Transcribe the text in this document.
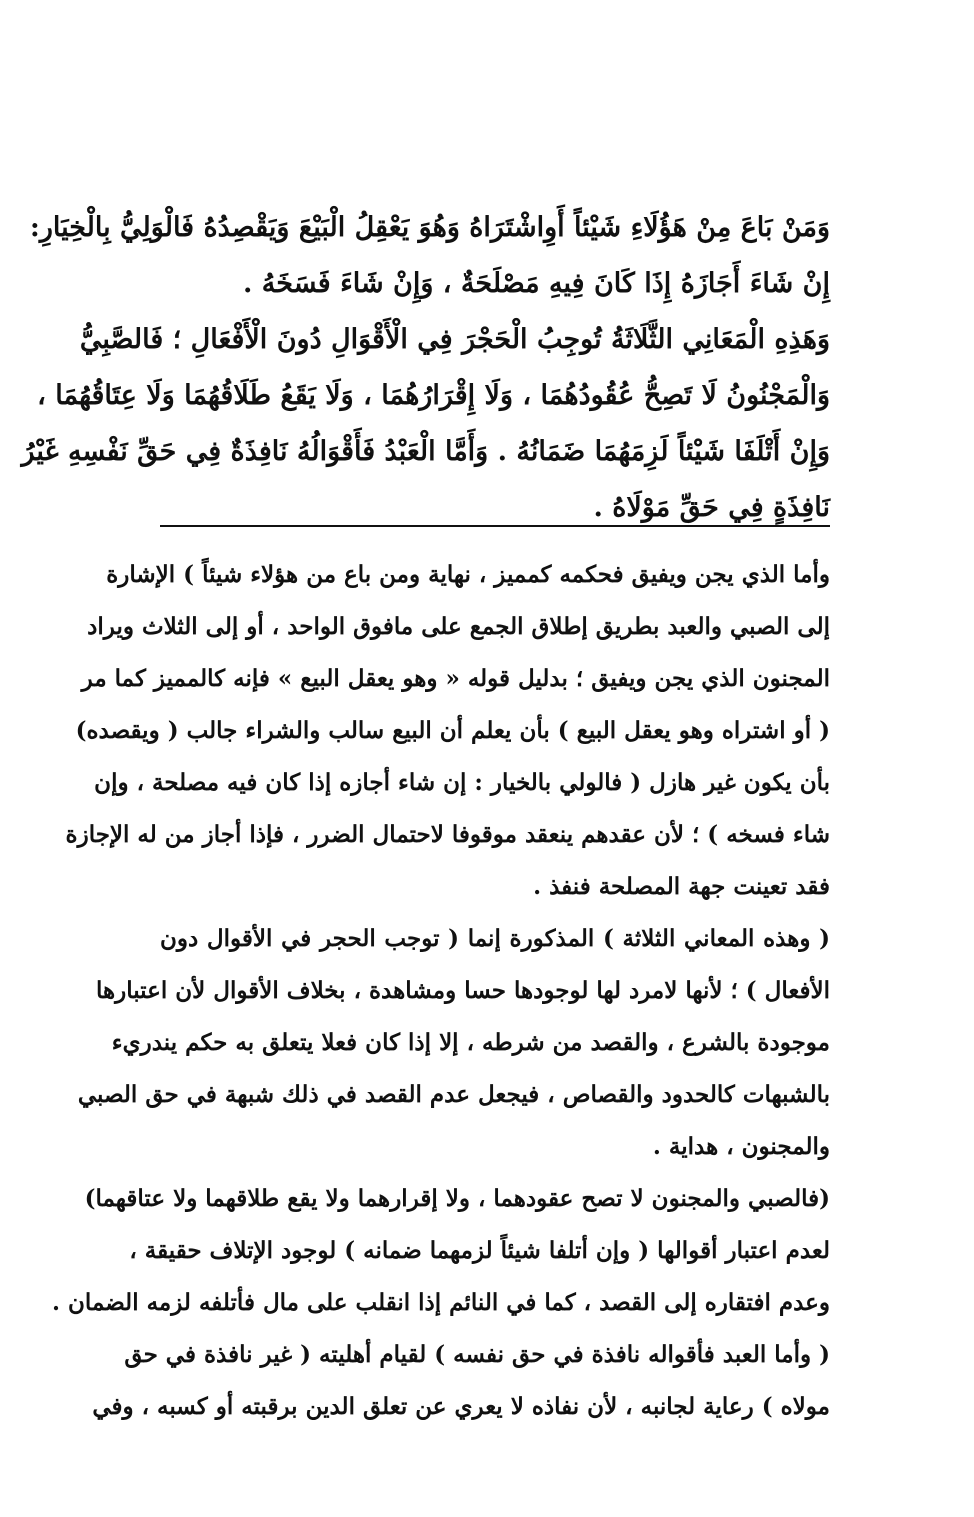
وَمَنْ بَاعَ مِنْ هَؤُلَاءِ شَيْئاً أَوِاشْتَرَاهُ وَهُوَ يَعْقِلُ الْبَيْعَ وَيَقْصِدُهُ فَالْوَلِيُّ بِالْخِيَارِ:
إِنْ شَاءَ أَجَازَهُ إِذَا كَانَ فِيهِ مَصْلَحَةٌ ، وَإِنْ شَاءَ فَسَخَهُ .
وَهَذِهِ الْمَعَانِي الثَّلَاثَةُ تُوجِبُ الْحَجْرَ فِي الْأَقْوَالِ دُونَ الْأَفْعَالِ ؛ فَالصَّبِيُّ
وَالْمَجْنُونُ لَا تَصِحُّ عُقُودُهُمَا ، وَلَا إِقْرَارُهُمَا ، وَلَا يَقَعُ طَلَاقُهُمَا وَلَا عِتَاقُهُمَا ،
وَإِنْ أَتْلَفَا شَيْئاً لَزِمَهُمَا ضَمَانُهُ . وَأَمَّا الْعَبْدُ فَأَقْوَالُهُ نَافِذَةٌ فِي حَقِّ نَفْسِهِ غَيْرُ
نَافِذَةٍ فِي حَقِّ مَوْلَاهُ .
وأما الذي يجن ويفيق فحكمه كمميز ، نهاية ومن باع من هؤلاء شيئاً ) الإشارة
إلى الصبي والعبد بطريق إطلاق الجمع على مافوق الواحد ، أو إلى الثلاث ويراد
المجنون الذي يجن ويفيق ؛ بدليل قوله « وهو يعقل البيع » فإنه كالمميز كما مر
( أو اشتراه وهو يعقل البيع ) بأن يعلم أن البيع سالب والشراء جالب ( ويقصده)
بأن يكون غير هازل ( فالولي بالخيار : إن شاء أجازه إذا كان فيه مصلحة ، وإن
شاء فسخه ) ؛ لأن عقدهم ينعقد موقوفا لاحتمال الضرر ، فإذا أجاز من له الإجازة
فقد تعينت جهة المصلحة فنفذ .
( وهذه المعاني الثلاثة ) المذكورة إنما ( توجب الحجر في الأقوال دون
الأفعال ) ؛ لأنها لامرد لها لوجودها حسا ومشاهدة ، بخلاف الأقوال لأن اعتبارها
موجودة بالشرع ، والقصد من شرطه ، إلا إذا كان فعلا يتعلق به حكم يندريء
بالشبهات كالحدود والقصاص ، فيجعل عدم القصد في ذلك شبهة في حق الصبي
والمجنون ، هداية .
(فالصبي والمجنون لا تصح عقودهما ، ولا إقرارهما ولا يقع طلاقهما ولا عتاقهما)
لعدم اعتبار أقوالها ( وإن أتلفا شيئاً لزمهما ضمانه ) لوجود الإتلاف حقيقة ،
وعدم افتقاره إلى القصد ، كما في النائم إذا انقلب على مال فأتلفه لزمه الضمان .
( وأما العبد فأقواله نافذة في حق نفسه ) لقيام أهليته ( غير نافذة في حق
مولاه ) رعاية لجانبه ، لأن نفاذه لا يعري عن تعلق الدين برقبته أو كسبه ، وفي
